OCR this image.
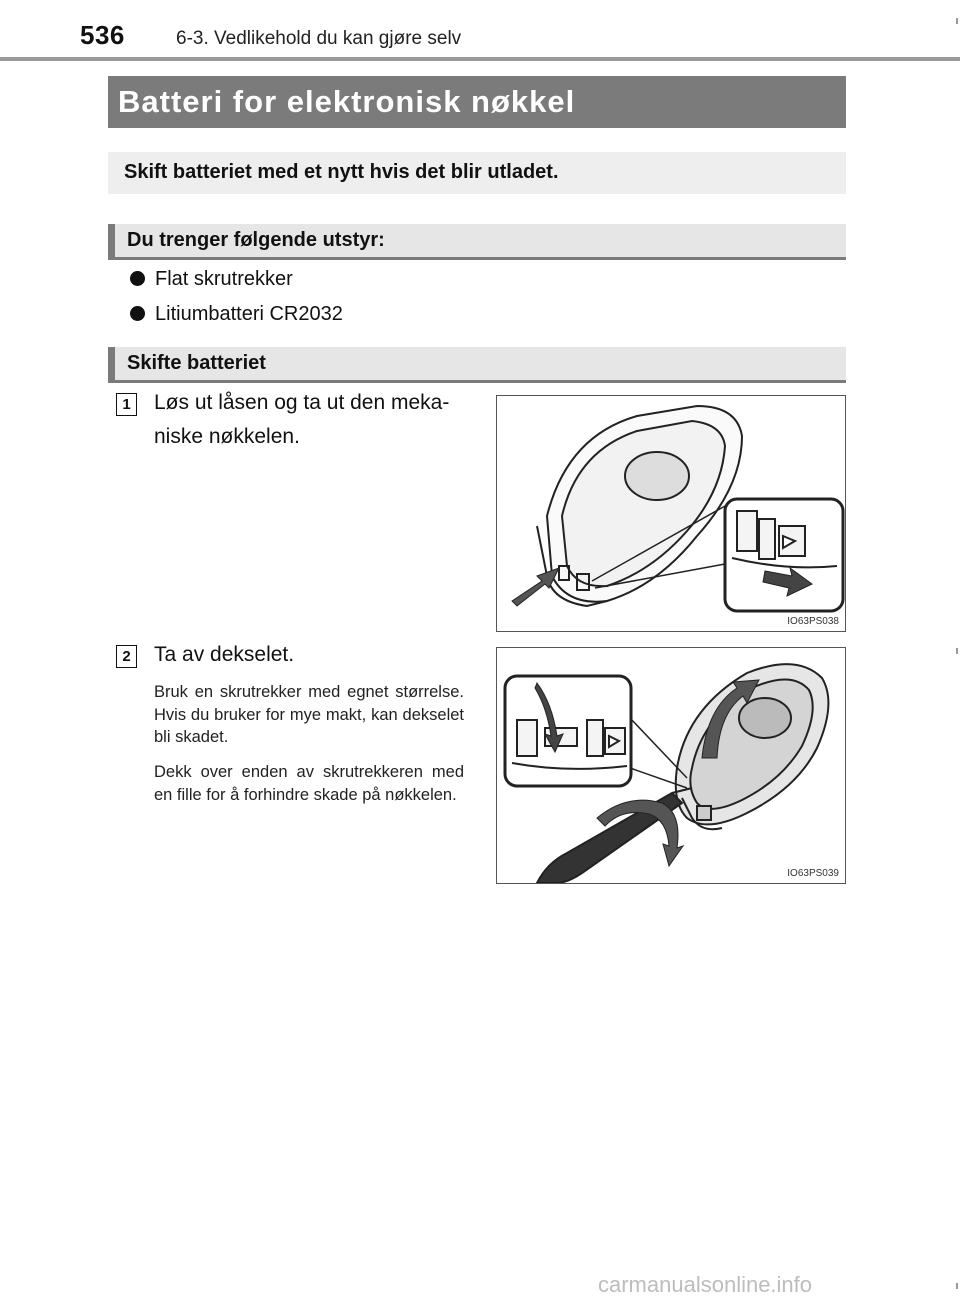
536	6-3. Vedlikehold du kan gjøre selv
Batteri for elektronisk nøkkel
Skift batteriet med et nytt hvis det blir utladet.
Du trenger følgende utstyr:
Flat skrutrekker
Litiumbatteri CR2032
Skifte batteriet
1	Løs ut låsen og ta ut den meka-
niske nøkkelen.
IO63PS038
2	Ta av dekselet.
Bruk en skrutrekker med egnet størrelse. Hvis du bruker for mye makt, kan dekselet bli skadet.
Dekk over enden av skrutrekkeren med en fille for å forhindre skade på nøkkelen.
IO63PS039
carmanualsonline.info
